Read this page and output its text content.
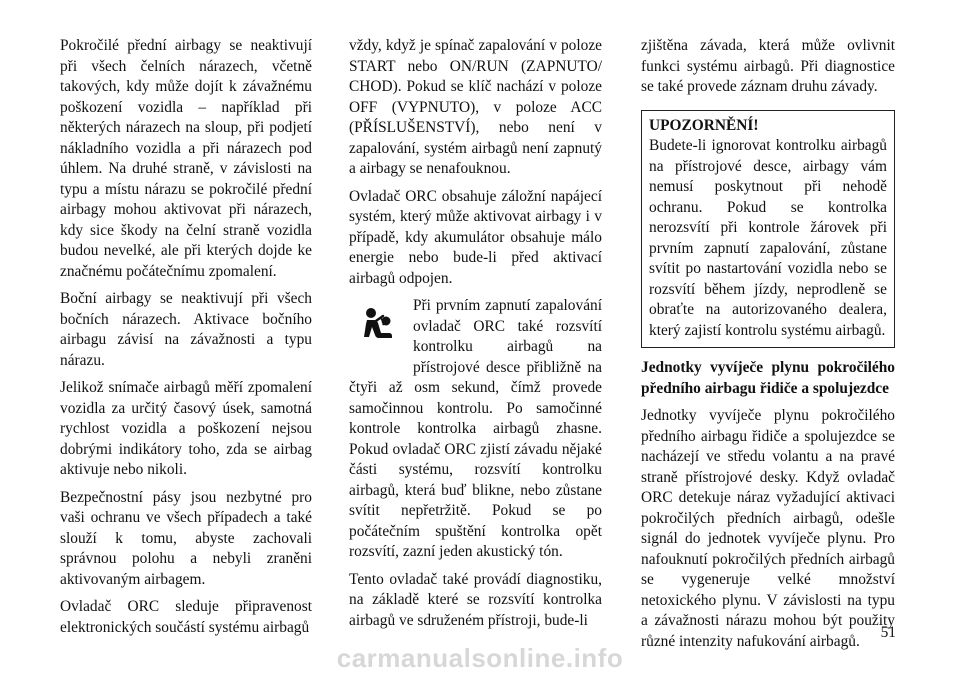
Pokročilé přední airbagy se neaktivují při všech čelních nárazech, včetně takových, kdy může dojít k závažnému poškození vozidla – například při některých nárazech na sloup, při podjetí nákladního vozidla a při nárazech pod úhlem. Na druhé straně, v závislosti na typu a místu nárazu se pokročilé přední airbagy mohou aktivovat při nárazech, kdy sice škody na čelní straně vozidla budou nevelké, ale při kterých dojde ke značnému počátečnímu zpomalení.

Boční airbagy se neaktivují při všech bočních nárazech. Aktivace bočního airbagu závisí na závažnosti a typu nárazu.

Jelikož snímače airbagů měří zpomalení vozidla za určitý časový úsek, samotná rychlost vozidla a poškození nejsou dobrými indikátory toho, zda se airbag aktivuje nebo nikoli.

Bezpečnostní pásy jsou nezbytné pro vaši ochranu ve všech případech a také slouží k tomu, abyste zachovali správnou polohu a nebyli zraněni aktivovaným airbagem.

Ovladač ORC sleduje připravenost elektronických součástí systému airbagů

vždy, když je spínač zapalování v poloze START nebo ON/RUN (ZAPNUTO/ CHOD). Pokud se klíč nachází v poloze OFF (VYPNUTO), v poloze ACC (PŘÍSLUŠENSTVÍ), nebo není v zapalování, systém airbagů není zapnutý a airbagy se nenafouknou.

Ovladač ORC obsahuje záložní napájecí systém, který může aktivovat airbagy i v případě, kdy akumulátor obsahuje málo energie nebo bude-li před aktivací airbagů odpojen.

Při prvním zapnutí zapalování ovladač ORC také rozsvítí kontrolku airbagů na přístrojové desce přibližně na čtyři až osm sekund, čímž provede samočinnou kontrolu. Po samočinné kontrole kontrolka airbagů zhasne. Pokud ovladač ORC zjistí závadu nějaké části systému, rozsvítí kontrolku airbagů, která buď blikne, nebo zůstane svítit nepřetržitě. Pokud se po počátečním spuštění kontrolka opět rozsvítí, zazní jeden akustický tón.

Tento ovladač také provádí diagnostiku, na základě které se rozsvítí kontrolka airbagů ve sdruženém přístroji, bude-li

zjištěna závada, která může ovlivnit funkci systému airbagů. Při diagnostice se také provede záznam druhu závady.

UPOZORNĚNÍ!
Budete-li ignorovat kontrolku airbagů na přístrojové desce, airbagy vám nemusí poskytnout při nehodě ochranu. Pokud se kontrolka nerozsvítí při kontrole žárovek při prvním zapnutí zapalování, zůstane svítit po nastartování vozidla nebo se rozsvítí během jízdy, neprodleně se obraťte na autorizovaného dealera, který zajistí kontrolu systému airbagů.

Jednotky vyvíječe plynu pokročilého předního airbagu řidiče a spolujezdce

Jednotky vyvíječe plynu pokročilého předního airbagu řidiče a spolujezdce se nacházejí ve středu volantu a na pravé straně přístrojové desky. Když ovladač ORC detekuje náraz vyžadující aktivaci pokročilých předních airbagů, odešle signál do jednotek vyvíječe plynu. Pro nafouknutí pokročilých předních airbagů se vygeneruje velké množství netoxického plynu. V závislosti na typu a závažnosti nárazu mohou být použity různé intenzity nafukování airbagů.	51
carmanualsonline.info
